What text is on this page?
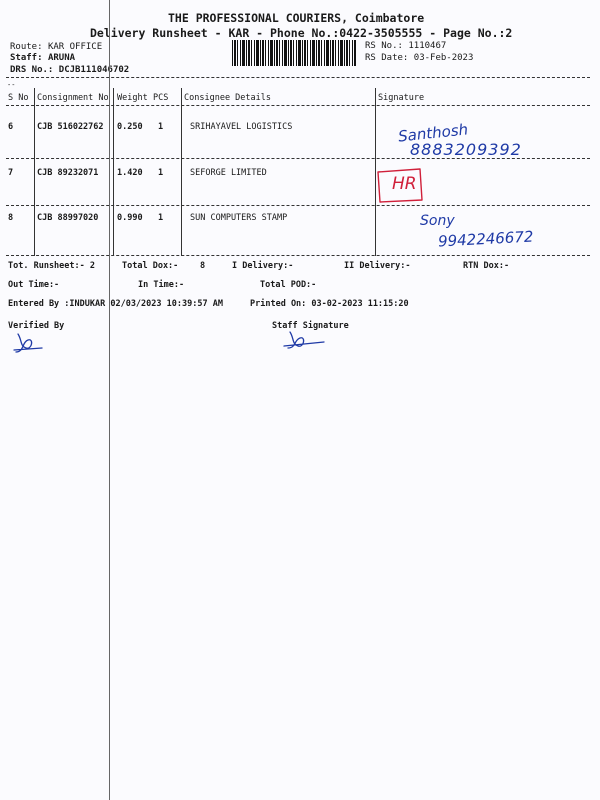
THE PROFESSIONAL COURIERS, Coimbatore
Delivery Runsheet - KAR - Phone No.:0422-3505555 - Page No.:2
Route: KAR OFFICE
Staff: ARUNA
DRS No.: DCJB111046702
RS No.: 1110467
RS Date: 03-Feb-2023
--
S No Consignment No Weight PCS Consignee Details	Signature
6	CJB 516022762 0.250 1	SRIHAYAVEL LOGISTICS	Santhosh
8883209392
7	CJB 89232071 1.420 1	SEFORGE LIMITED
HR
8	CJB 88997020 0.990 1	SUN COMPUTERS STAMP	Sony
9942246672
Tot. Runsheet:- 2	Total Dox:-	8	I Delivery:-	II Delivery:-	RTN Dox:-
Out Time:-	In Time:-	Total POD:-
Entered By :INDUKAR 02/03/2023 10:39:57 AM	Printed On: 03-02-2023 11:15:20
Verified By	Staff Signature
